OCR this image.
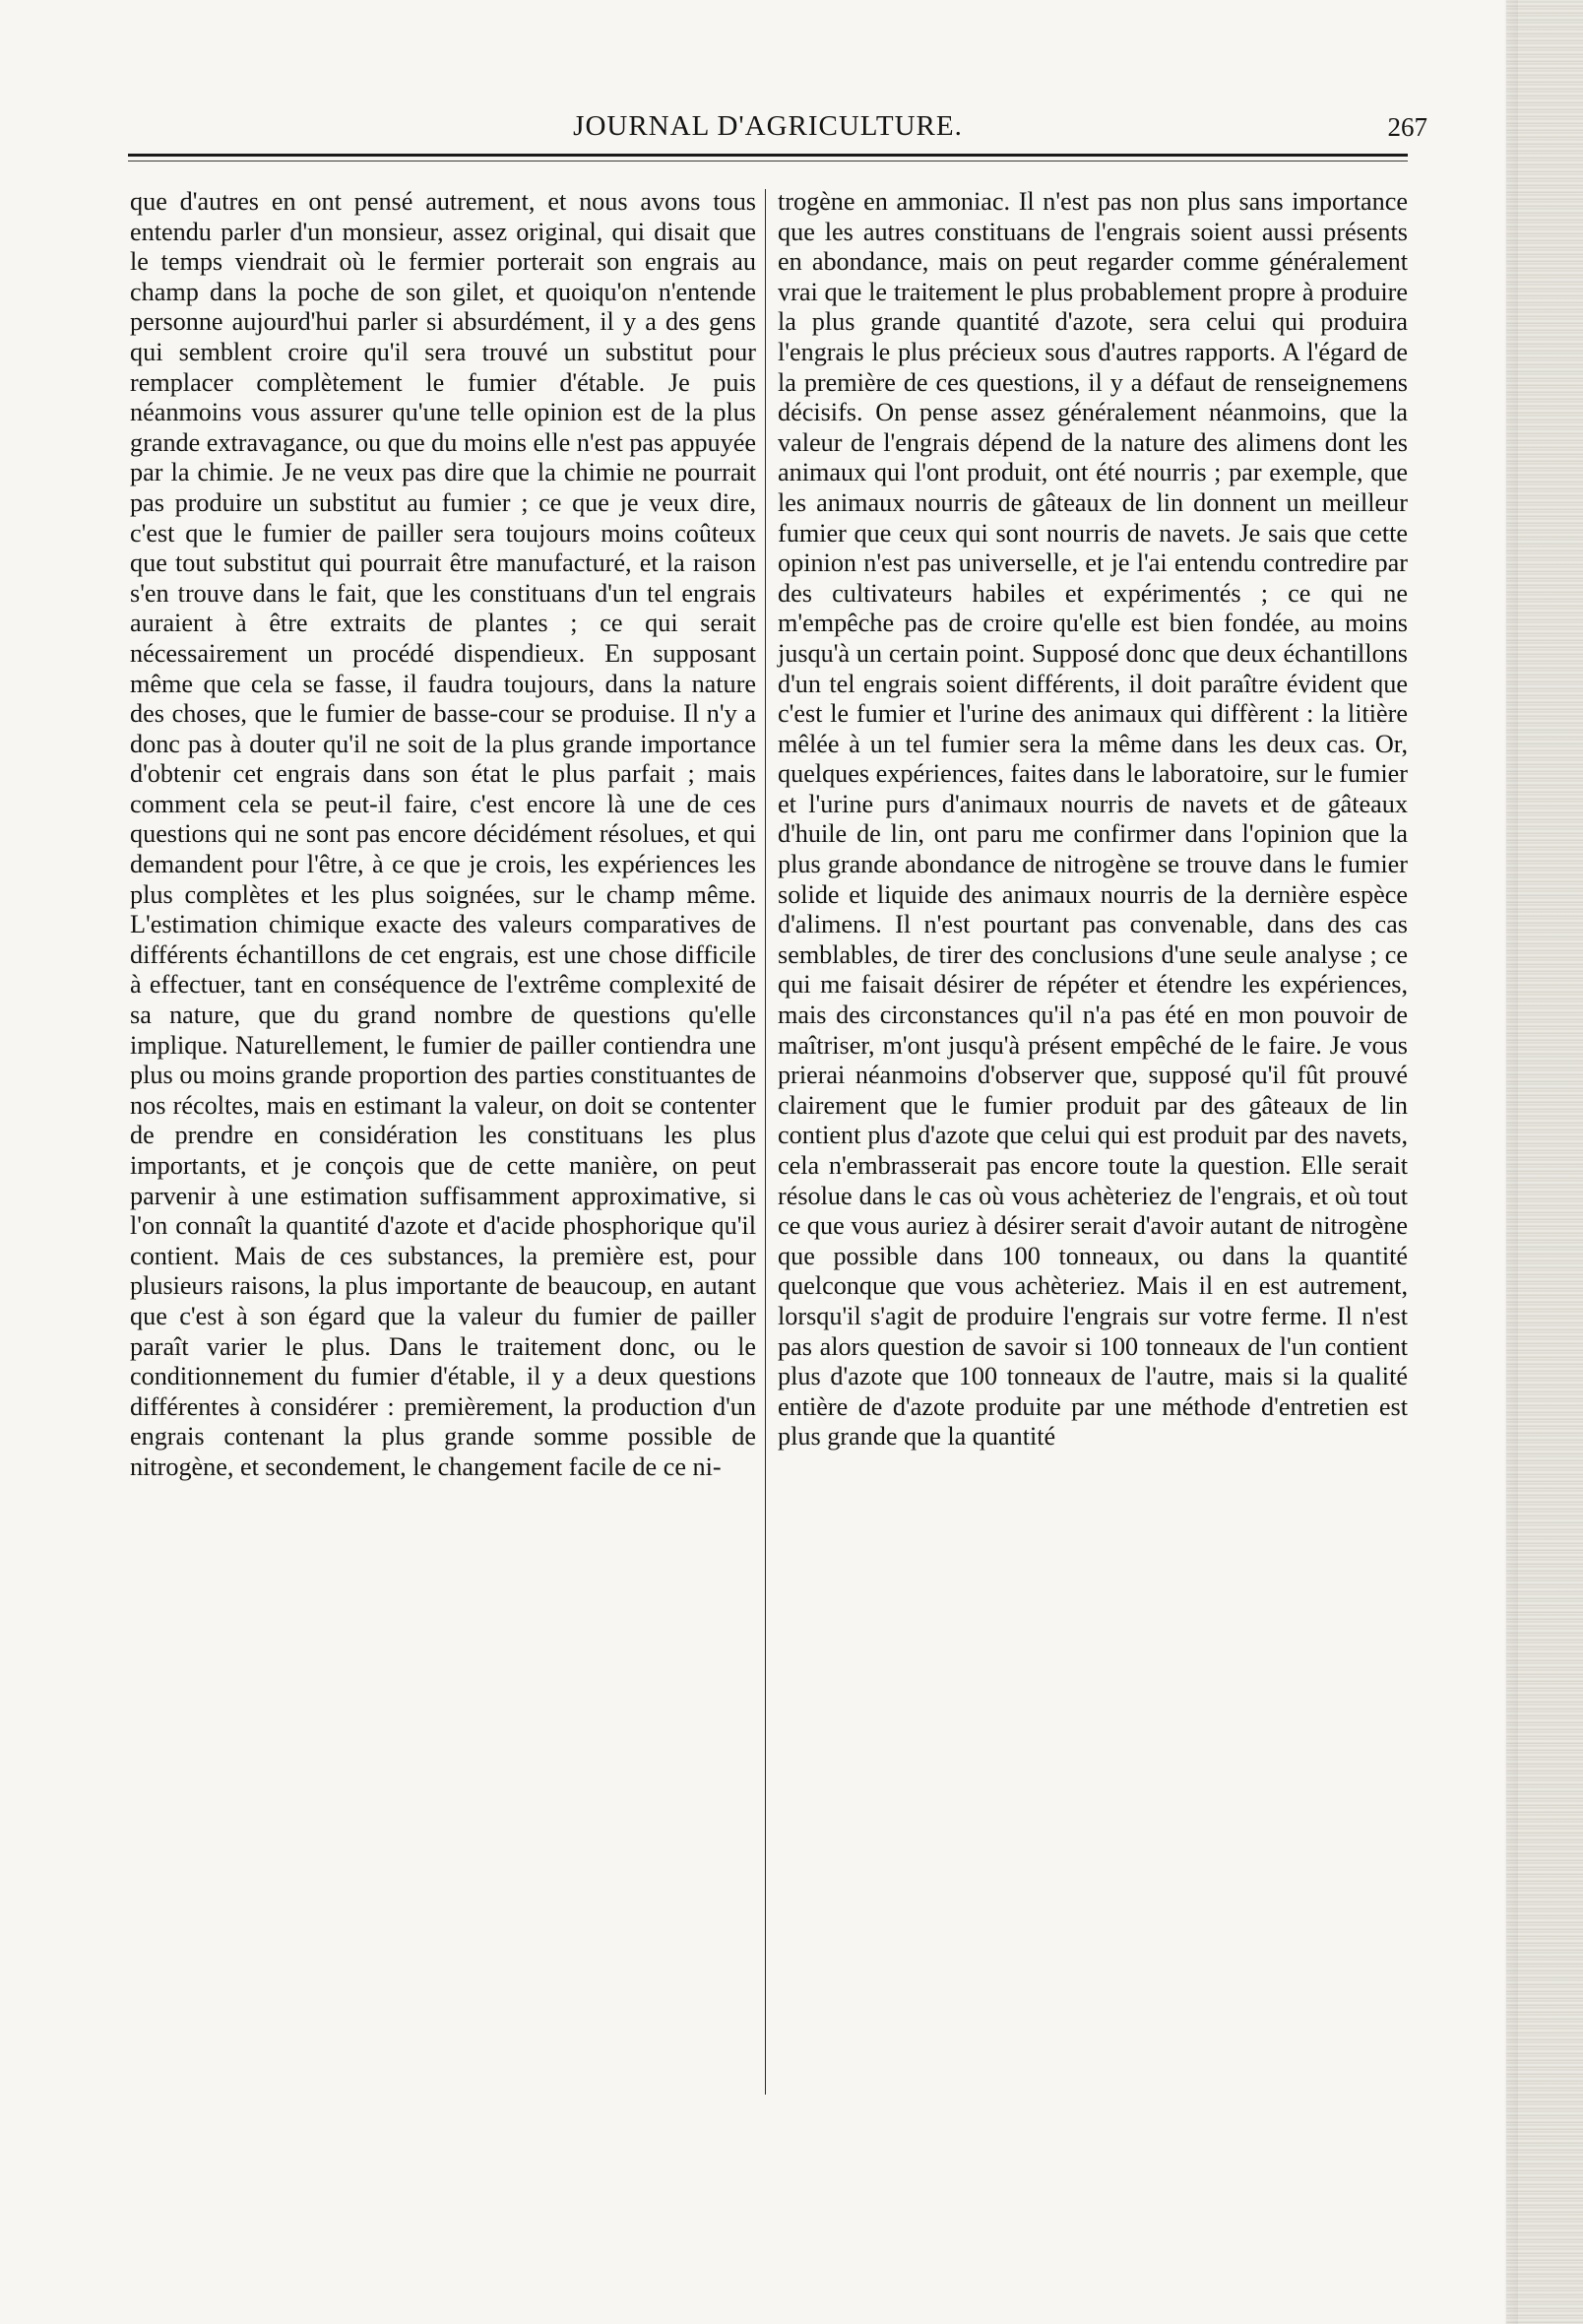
JOURNAL D'AGRICULTURE.	267

que d'autres en ont pensé autrement, et nous avons tous entendu parler d'un monsieur, assez original, qui disait que le temps viendrait où le fermier porterait son engrais au champ dans la poche de son gilet, et quoiqu'on n'entende personne aujourd'hui parler si absurdément, il y a des gens qui semblent croire qu'il sera trouvé un substitut pour remplacer complètement le fumier d'étable. Je puis néanmoins vous assurer qu'une telle opinion est de la plus grande extravagance, ou que du moins elle n'est pas appuyée par la chimie. Je ne veux pas dire que la chimie ne pourrait pas produire un substitut au fumier ; ce que je veux dire, c'est que le fumier de pailler sera toujours moins coûteux que tout substitut qui pourrait être manufacturé, et la raison s'en trouve dans le fait, que les constituans d'un tel engrais auraient à être extraits de plantes ; ce qui serait nécessairement un procédé dispendieux. En supposant même que cela se fasse, il faudra toujours, dans la nature des choses, que le fumier de basse-cour se produise. Il n'y a donc pas à douter qu'il ne soit de la plus grande importance d'obtenir cet engrais dans son état le plus parfait ; mais comment cela se peut-il faire, c'est encore là une de ces questions qui ne sont pas encore décidément résolues, et qui demandent pour l'être, à ce que je crois, les expériences les plus complètes et les plus soignées, sur le champ même. L'estimation chimique exacte des valeurs comparatives de différents échantillons de cet engrais, est une chose difficile à effectuer, tant en conséquence de l'extrême complexité de sa nature, que du grand nombre de questions qu'elle implique. Naturellement, le fumier de pailler contiendra une plus ou moins grande proportion des parties constituantes de nos récoltes, mais en estimant la valeur, on doit se contenter de prendre en considération les constituans les plus importants, et je conçois que de cette manière, on peut parvenir à une estimation suffisamment approximative, si l'on connaît la quantité d'azote et d'acide phosphorique qu'il contient. Mais de ces substances, la première est, pour plusieurs raisons, la plus importante de beaucoup, en autant que c'est à son égard que la valeur du fumier de pailler paraît varier le plus. Dans le traitement donc, ou le conditionnement du fumier d'étable, il y a deux questions différentes à considérer : premièrement, la production d'un engrais contenant la plus grande somme possible de nitrogène, et secondement, le changement facile de ce ni-

trogène en ammoniac. Il n'est pas non plus sans importance que les autres constituans de l'engrais soient aussi présents en abondance, mais on peut regarder comme généralement vrai que le traitement le plus probablement propre à produire la plus grande quantité d'azote, sera celui qui produira l'engrais le plus précieux sous d'autres rapports. A l'égard de la première de ces questions, il y a défaut de renseignemens décisifs. On pense assez généralement néanmoins, que la valeur de l'engrais dépend de la nature des alimens dont les animaux qui l'ont produit, ont été nourris ; par exemple, que les animaux nourris de gâteaux de lin donnent un meilleur fumier que ceux qui sont nourris de navets. Je sais que cette opinion n'est pas universelle, et je l'ai entendu contredire par des cultivateurs habiles et expérimentés ; ce qui ne m'empêche pas de croire qu'elle est bien fondée, au moins jusqu'à un certain point. Supposé donc que deux échantillons d'un tel engrais soient différents, il doit paraître évident que c'est le fumier et l'urine des animaux qui diffèrent : la litière mêlée à un tel fumier sera la même dans les deux cas. Or, quelques expériences, faites dans le laboratoire, sur le fumier et l'urine purs d'animaux nourris de navets et de gâteaux d'huile de lin, ont paru me confirmer dans l'opinion que la plus grande abondance de nitrogène se trouve dans le fumier solide et liquide des animaux nourris de la dernière espèce d'alimens. Il n'est pourtant pas convenable, dans des cas semblables, de tirer des conclusions d'une seule analyse ; ce qui me faisait désirer de répéter et étendre les expériences, mais des circonstances qu'il n'a pas été en mon pouvoir de maîtriser, m'ont jusqu'à présent empêché de le faire. Je vous prierai néanmoins d'observer que, supposé qu'il fût prouvé clairement que le fumier produit par des gâteaux de lin contient plus d'azote que celui qui est produit par des navets, cela n'embrasserait pas encore toute la question. Elle serait résolue dans le cas où vous achèteriez de l'engrais, et où tout ce que vous auriez à désirer serait d'avoir autant de nitrogène que possible dans 100 tonneaux, ou dans la quantité quelconque que vous achèteriez. Mais il en est autrement, lorsqu'il s'agit de produire l'engrais sur votre ferme. Il n'est pas alors question de savoir si 100 tonneaux de l'un contient plus d'azote que 100 tonneaux de l'autre, mais si la qualité entière de d'azote produite par une méthode d'entretien est plus grande que la quantité
